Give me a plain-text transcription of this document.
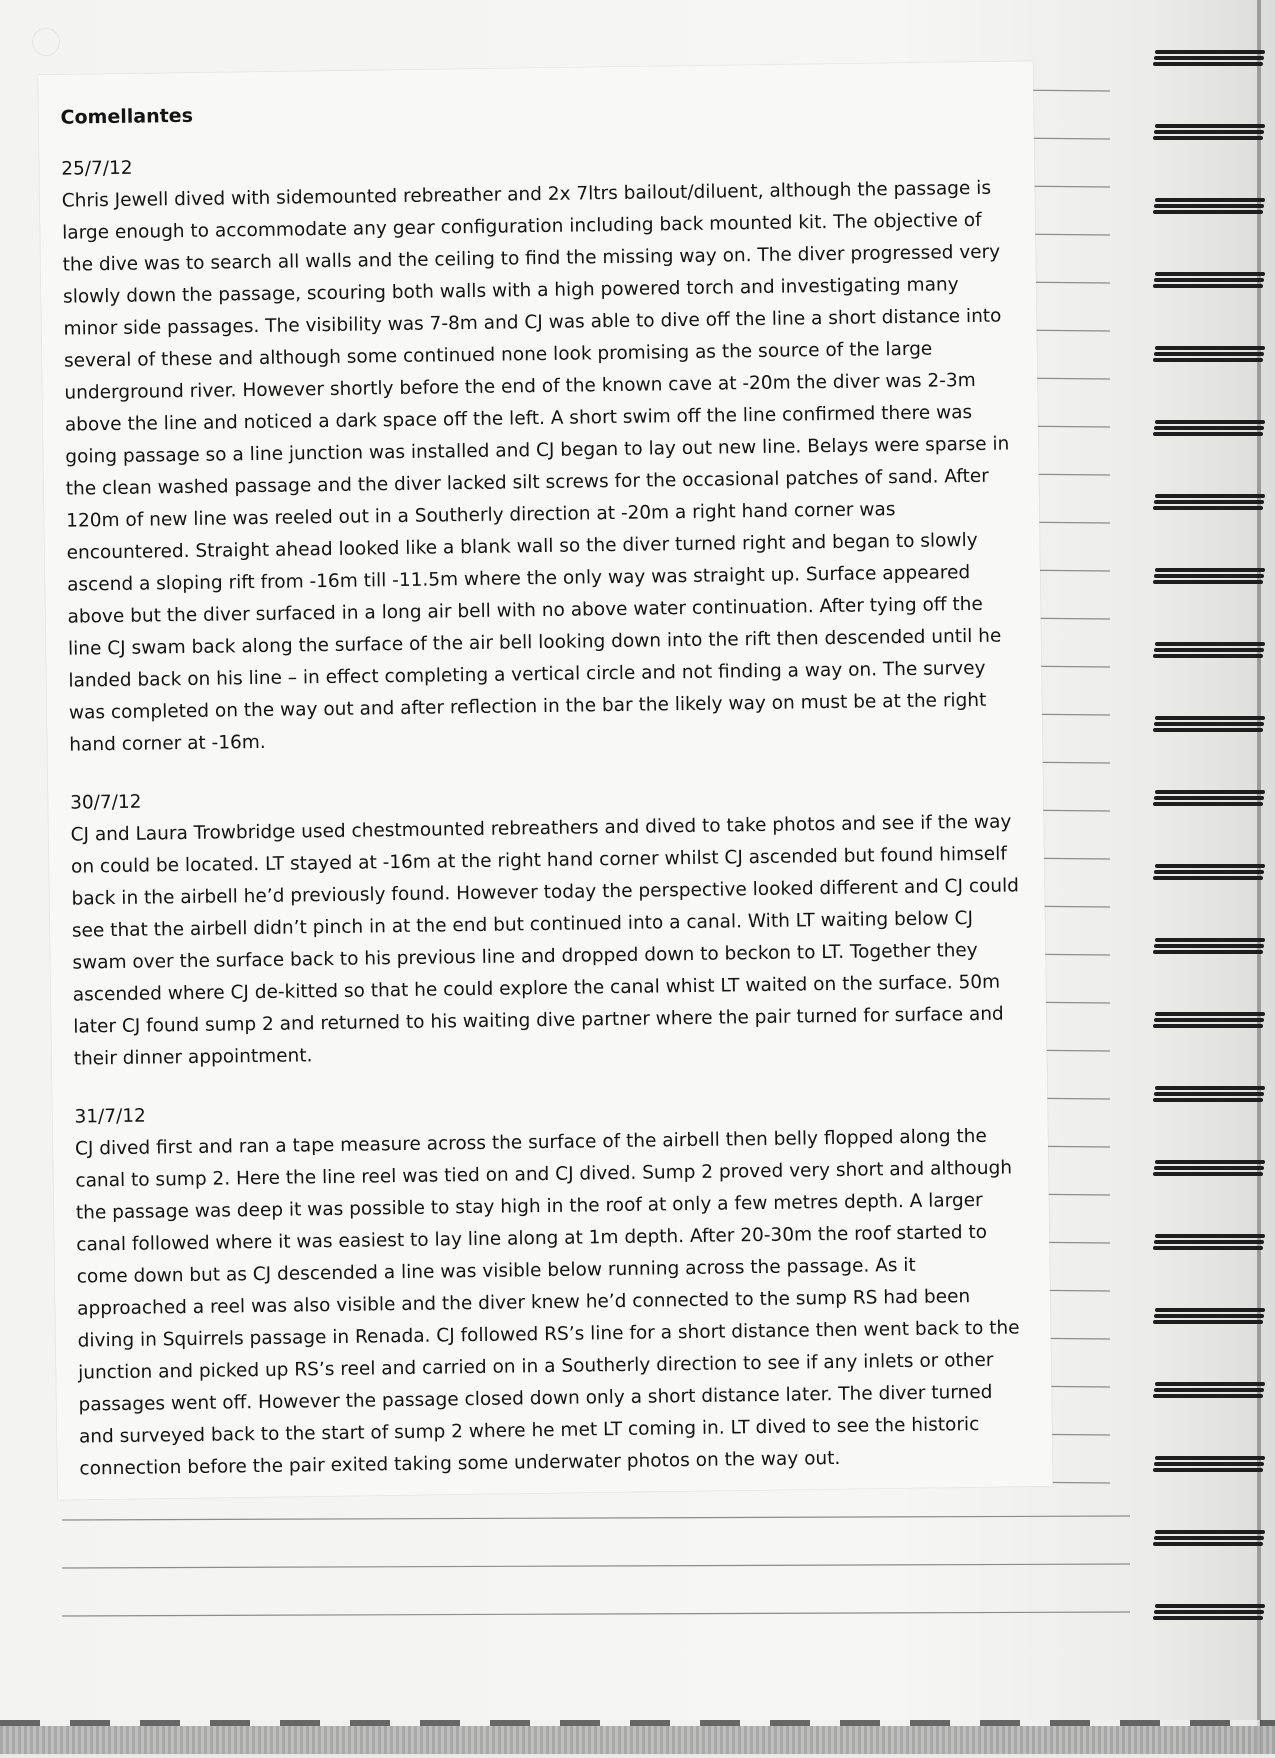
Comellantes

25/7/12

Chris Jewell dived with sidemounted rebreather and 2x 7ltrs bailout/diluent, although the passage is large enough to accommodate any gear configuration including back mounted kit. The objective of the dive was to search all walls and the ceiling to find the missing way on. The diver progressed very slowly down the passage, scouring both walls with a high powered torch and investigating many minor side passages. The visibility was 7-8m and CJ was able to dive off the line a short distance into several of these and although some continued none look promising as the source of the large underground river. However shortly before the end of the known cave at -20m the diver was 2-3m above the line and noticed a dark space off the left. A short swim off the line confirmed there was going passage so a line junction was installed and CJ began to lay out new line. Belays were sparse in the clean washed passage and the diver lacked silt screws for the occasional patches of sand. After 120m of new line was reeled out in a Southerly direction at -20m a right hand corner was encountered. Straight ahead looked like a blank wall so the diver turned right and began to slowly ascend a sloping rift from -16m till -11.5m where the only way was straight up. Surface appeared above but the diver surfaced in a long air bell with no above water continuation. After tying off the line CJ swam back along the surface of the air bell looking down into the rift then descended until he landed back on his line – in effect completing a vertical circle and not finding a way on. The survey was completed on the way out and after reflection in the bar the likely way on must be at the right hand corner at -16m.

30/7/12

CJ and Laura Trowbridge used chestmounted rebreathers and dived to take photos and see if the way on could be located. LT stayed at -16m at the right hand corner whilst CJ ascended but found himself back in the airbell he’d previously found. However today the perspective looked different and CJ could see that the airbell didn’t pinch in at the end but continued into a canal. With LT waiting below CJ swam over the surface back to his previous line and dropped down to beckon to LT. Together they ascended where CJ de-kitted so that he could explore the canal whist LT waited on the surface. 50m later CJ found sump 2 and returned to his waiting dive partner where the pair turned for surface and their dinner appointment.

31/7/12

CJ dived first and ran a tape measure across the surface of the airbell then belly flopped along the canal to sump 2. Here the line reel was tied on and CJ dived. Sump 2 proved very short and although the passage was deep it was possible to stay high in the roof at only a few metres depth. A larger canal followed where it was easiest to lay line along at 1m depth. After 20-30m the roof started to come down but as CJ descended a line was visible below running across the passage. As it approached a reel was also visible and the diver knew he’d connected to the sump RS had been diving in Squirrels passage in Renada. CJ followed RS’s line for a short distance then went back to the junction and picked up RS’s reel and carried on in a Southerly direction to see if any inlets or other passages went off. However the passage closed down only a short distance later. The diver turned and surveyed back to the start of sump 2 where he met LT coming in. LT dived to see the historic connection before the pair exited taking some underwater photos on the way out.
